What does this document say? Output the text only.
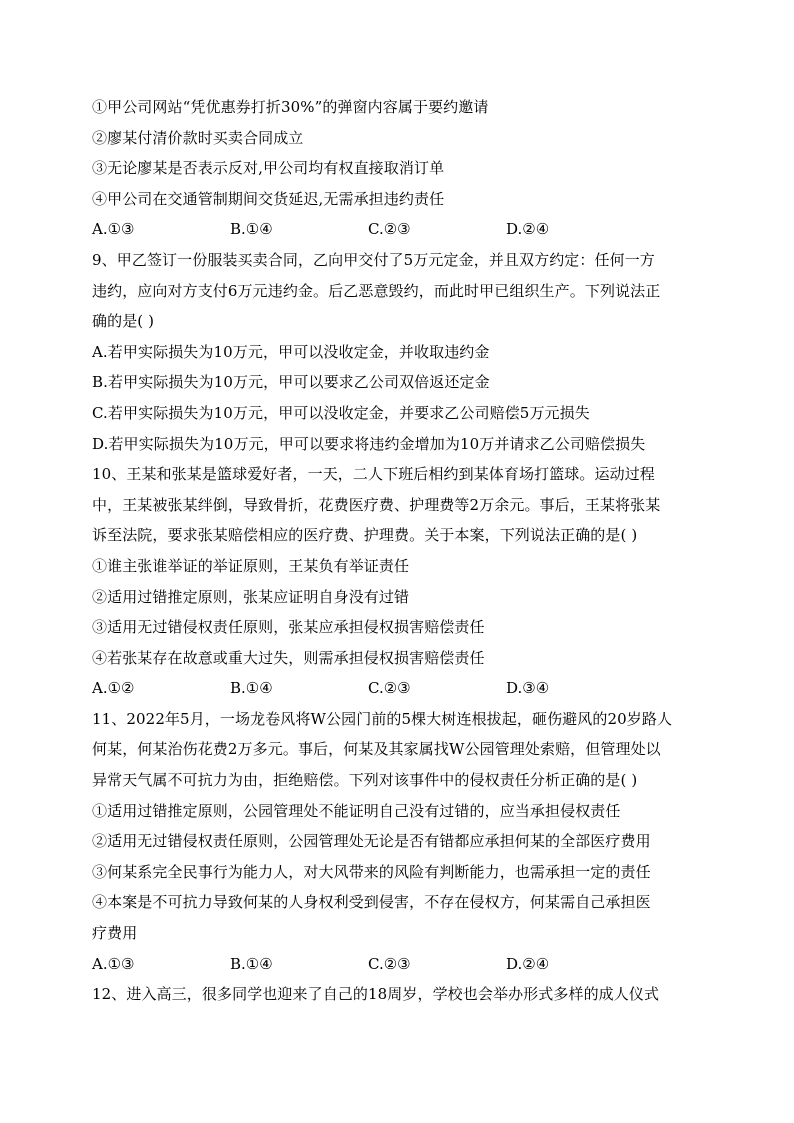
①甲公司网站“凭优惠券打折30%”的弹窗内容属于要约邀请
②廖某付清价款时买卖合同成立
③无论廖某是否表示反对,甲公司均有权直接取消订单
④甲公司在交通管制期间交货延迟,无需承担违约责任
A.①③	B.①④	C.②③	D.②④
9、甲乙签订一份服装买卖合同，乙向甲交付了5万元定金，并且双方约定：任何一方
违约，应向对方支付6万元违约金。后乙恶意毁约，而此时甲已组织生产。下列说法正
确的是( )
A.若甲实际损失为10万元，甲可以没收定金，并收取违约金
B.若甲实际损失为10万元，甲可以要求乙公司双倍返还定金
C.若甲实际损失为10万元，甲可以没收定金，并要求乙公司赔偿5万元损失
D.若甲实际损失为10万元，甲可以要求将违约金增加为10万并请求乙公司赔偿损失
10、王某和张某是篮球爱好者，一天，二人下班后相约到某体育场打篮球。运动过程
中，王某被张某绊倒，导致骨折，花费医疗费、护理费等2万余元。事后，王某将张某
诉至法院，要求张某赔偿相应的医疗费、护理费。关于本案，下列说法正确的是( )
①谁主张谁举证的举证原则，王某负有举证责任
②适用过错推定原则，张某应证明自身没有过错
③适用无过错侵权责任原则，张某应承担侵权损害赔偿责任
④若张某存在故意或重大过失，则需承担侵权损害赔偿责任
A.①②	B.①④	C.②③	D.③④
11、2022年5月，一场龙卷风将W公园门前的5棵大树连根拔起，砸伤避风的20岁路人
何某，何某治伤花费2万多元。事后，何某及其家属找W公园管理处索赔，但管理处以
异常天气属不可抗力为由，拒绝赔偿。下列对该事件中的侵权责任分析正确的是( )
①适用过错推定原则，公园管理处不能证明自己没有过错的，应当承担侵权责任
②适用无过错侵权责任原则，公园管理处无论是否有错都应承担何某的全部医疗费用
③何某系完全民事行为能力人，对大风带来的风险有判断能力，也需承担一定的责任
④本案是不可抗力导致何某的人身权利受到侵害，不存在侵权方，何某需自己承担医
疗费用
A.①③	B.①④	C.②③	D.②④
12、进入高三，很多同学也迎来了自己的18周岁，学校也会举办形式多样的成人仪式
